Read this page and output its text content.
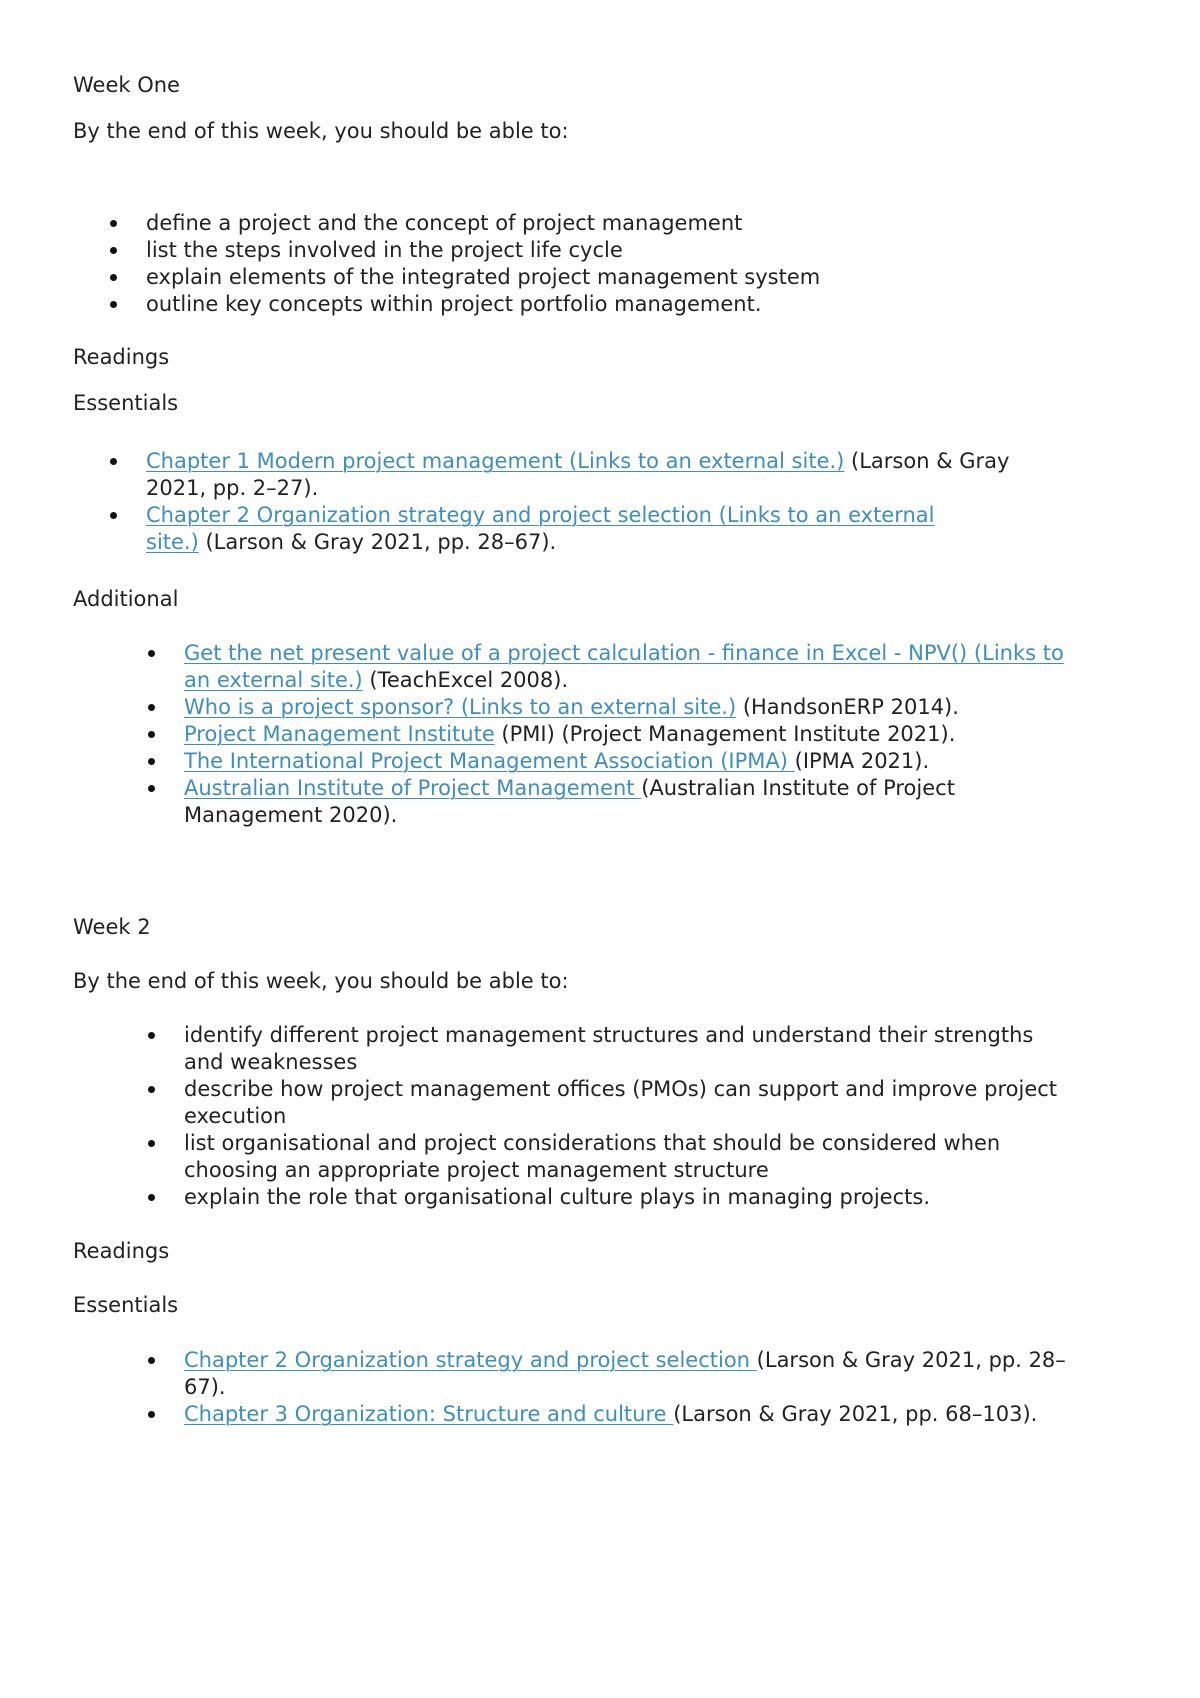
Week One

By the end of this week, you should be able to:

define a project and the concept of project management
list the steps involved in the project life cycle
explain elements of the integrated project management system
outline key concepts within project portfolio management.

Readings

Essentials

Chapter 1 Modern project management (Links to an external site.) (Larson & Gray
2021, pp. 2–27).
Chapter 2 Organization strategy and project selection (Links to an external
site.) (Larson & Gray 2021, pp. 28–67).

Additional

Get the net present value of a project calculation - finance in Excel - NPV() (Links to
an external site.) (TeachExcel 2008).
Who is a project sponsor? (Links to an external site.) (HandsonERP 2014).
Project Management Institute (PMI) (Project Management Institute 2021).
The International Project Management Association (IPMA) (IPMA 2021).
Australian Institute of Project Management (Australian Institute of Project
Management 2020).

Week 2

By the end of this week, you should be able to:

identify different project management structures and understand their strengths
and weaknesses
describe how project management offices (PMOs) can support and improve project
execution
list organisational and project considerations that should be considered when
choosing an appropriate project management structure
explain the role that organisational culture plays in managing projects.

Readings

Essentials

Chapter 2 Organization strategy and project selection (Larson & Gray 2021, pp. 28–
67).
Chapter 3 Organization: Structure and culture (Larson & Gray 2021, pp. 68–103).
